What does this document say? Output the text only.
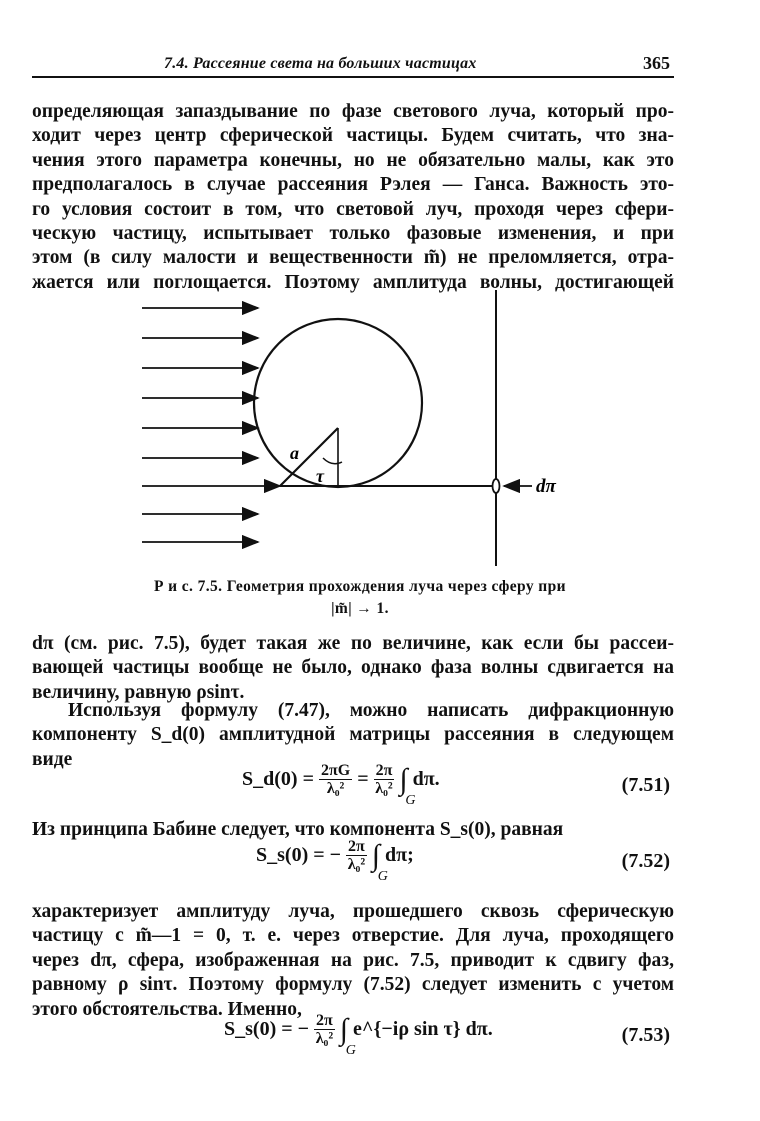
7.4. Рассеяние света на больших частицах	365
определяющая запаздывание по фазе светового луча, который про-
ходит через центр сферической частицы. Будем считать, что зна-
чения этого параметра конечны, но не обязательно малы, как это
предполагалось в случае рассеяния Рэлея — Ганса. Важность это-
го условия состоит в том, что световой луч, проходя через сфери-
ческую частицу, испытывает только фазовые изменения, и при
этом (в силу малости и вещественности m̃) не преломляется, отра-
жается или поглощается. Поэтому амплитуда волны, достигающей
a
τ	dπ
Р и с. 7.5. Геометрия прохождения луча через сферу при
|m̃| → 1.
dπ (см. рис. 7.5), будет такая же по величине, как если бы рассеи-
вающей частицы вообще не было, однако фаза волны сдвигается на
величину, равную ρsinτ.
Используя формулу (7.47), можно написать дифракционную
компоненту S_d(0) амплитудной матрицы рассеяния в следующем
виде
S_d(0) = $\frac{2\pi G}{\text{λ₀²}} = \frac{2\pi}{\text{λ₀²}}$ ∫
G
dπ.	(7.51)
Из принципа Бабине следует, что компонента S_s(0), равная
S_s(0) = − $\frac{2\pi}{\text{λ₀²}}$ ∫
G
dπ;	(7.52)
характеризует амплитуду луча, прошедшего сквозь сферическую
частицу с m̃—1 = 0, т. е. через отверстие. Для луча, проходящего
через dπ, сфера, изображенная на рис. 7.5, приводит к сдвигу фаз,
равному ρ sinτ. Поэтому формулу (7.52) следует изменить с учетом
этого обстоятельства. Именно,
S_s(0) = − $\frac{2\pi}{\text{λ₀²}}$ ∫
G
e^{−iρ sin τ} dπ.	(7.53)
